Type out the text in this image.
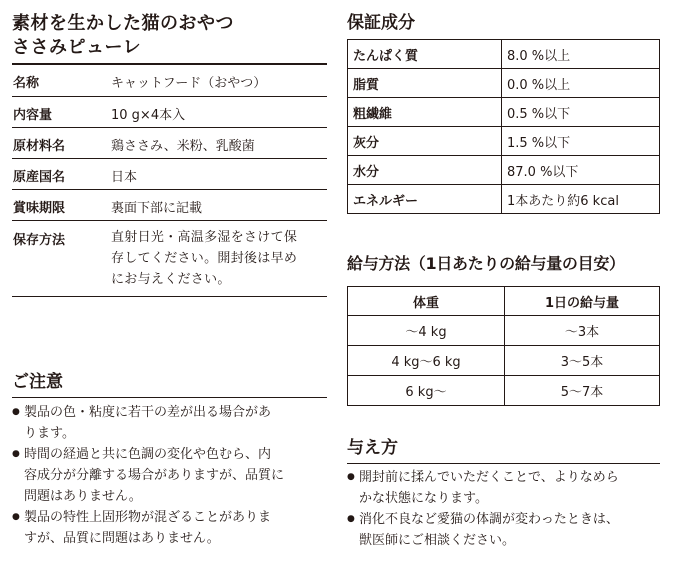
素材を生かした猫のおやつ
ささみピューレ
名称	キャットフード（おやつ）
内容量	10 g×4本入
原材料名	鶏ささみ、米粉、乳酸菌
原産国名	日本
賞味期限	裏面下部に記載
保存方法	直射日光・高温多湿をさけて保
存してください。開封後は早め
にお与えください。
ご注意
● 製品の色・粘度に若干の差が出る場合があ
ります。
● 時間の経過と共に色調の変化や色むら、内
容成分が分離する場合がありますが、品質に
問題はありません。
● 製品の特性上固形物が混ざることがありま
すが、品質に問題はありません。
保証成分
たんぱく質	8.0 %以上
脂質	0.0 %以上
粗繊維	0.5 %以下
灰分	1.5 %以下
水分	87.0 %以下
エネルギー	1本あたり約6 kcal
給与方法（1日あたりの給与量の目安）
体重	1日の給与量
〜4 kg	〜3本
4 kg〜6 kg	3〜5本
6 kg〜	5〜7本
与え方
● 開封前に揉んでいただくことで、よりなめら
かな状態になります。
● 消化不良など愛猫の体調が変わったときは、
獣医師にご相談ください。
